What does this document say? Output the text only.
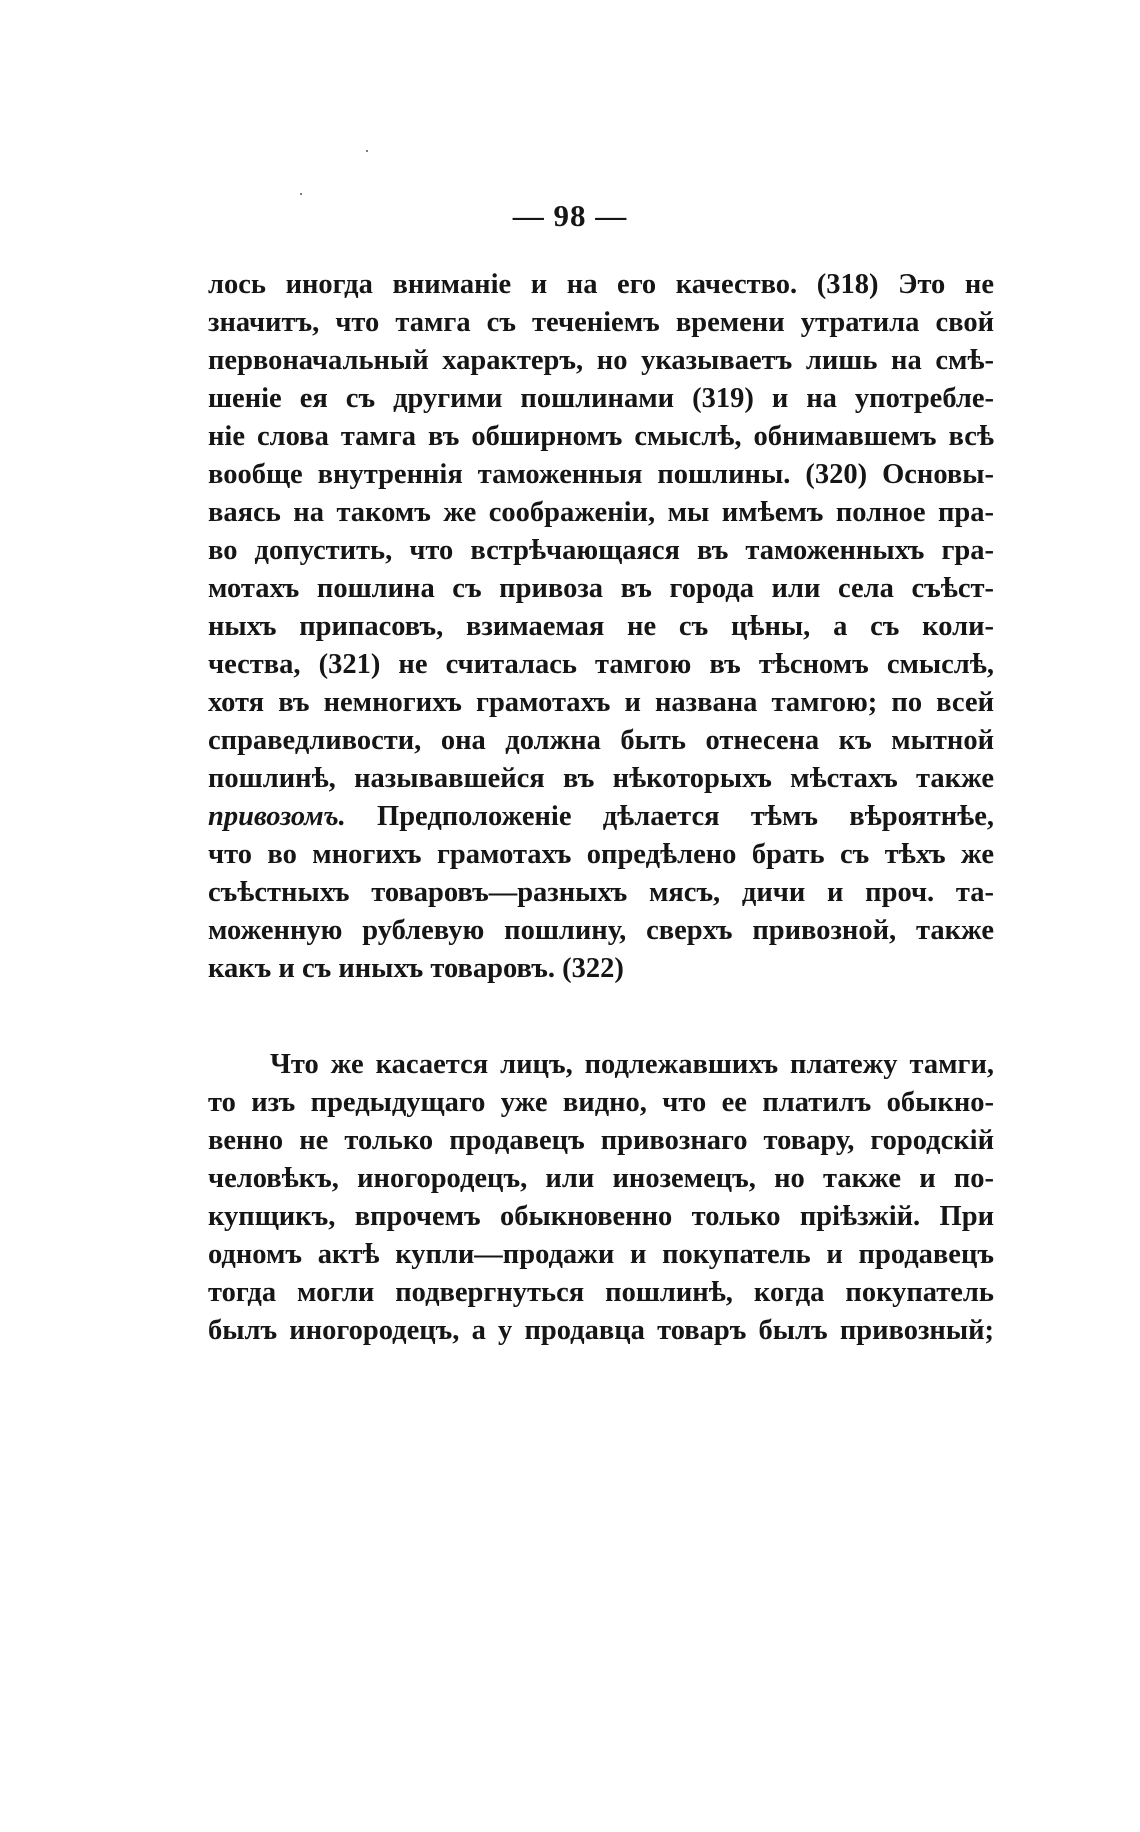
— 98 —
лось иногда вниманіе и на его качество. (318) Это не
значитъ, что тамга съ теченіемъ времени утратила свой
первоначальный характеръ, но указываетъ лишь на смѣ-
шеніе ея съ другими пошлинами (319) и на употребле-
ніе слова тамга въ обширномъ смыслѣ, обнимавшемъ всѣ
вообще внутреннія таможенныя пошлины. (320) Основы-
ваясь на такомъ же соображеніи, мы имѣемъ полное пра-
во допустить, что встрѣчающаяся въ таможенныхъ гра-
мотахъ пошлина съ привоза въ города или села съѣст-
ныхъ припасовъ, взимаемая не съ цѣны, а съ коли-
чества, (321) не считалась тамгою въ тѣсномъ смыслѣ,
хотя въ немногихъ грамотахъ и названа тамгою; по всей
справедливости, она должна быть отнесена къ мытной
пошлинѣ, называвшейся въ нѣкоторыхъ мѣстахъ также
привозомъ. Предположеніе дѣлается тѣмъ вѣроятнѣе,
что во многихъ грамотахъ опредѣлено брать съ тѣхъ же
съѣстныхъ товаровъ—разныхъ мясъ, дичи и проч. та-
моженную рублевую пошлину, сверхъ привозной, также
какъ и съ иныхъ товаровъ. (322)
Что же касается лицъ, подлежавшихъ платежу тамги,
то изъ предыдущаго уже видно, что ее платилъ обыкно-
венно не только продавецъ привознаго товару, городскій
человѣкъ, иногородецъ, или иноземецъ, но также и по-
купщикъ, впрочемъ обыкновенно только пріѣзжій. При
одномъ актѣ купли—продажи и покупатель и продавецъ
тогда могли подвергнуться пошлинѣ, когда покупатель
былъ иногородецъ, а у продавца товаръ былъ привозный;
